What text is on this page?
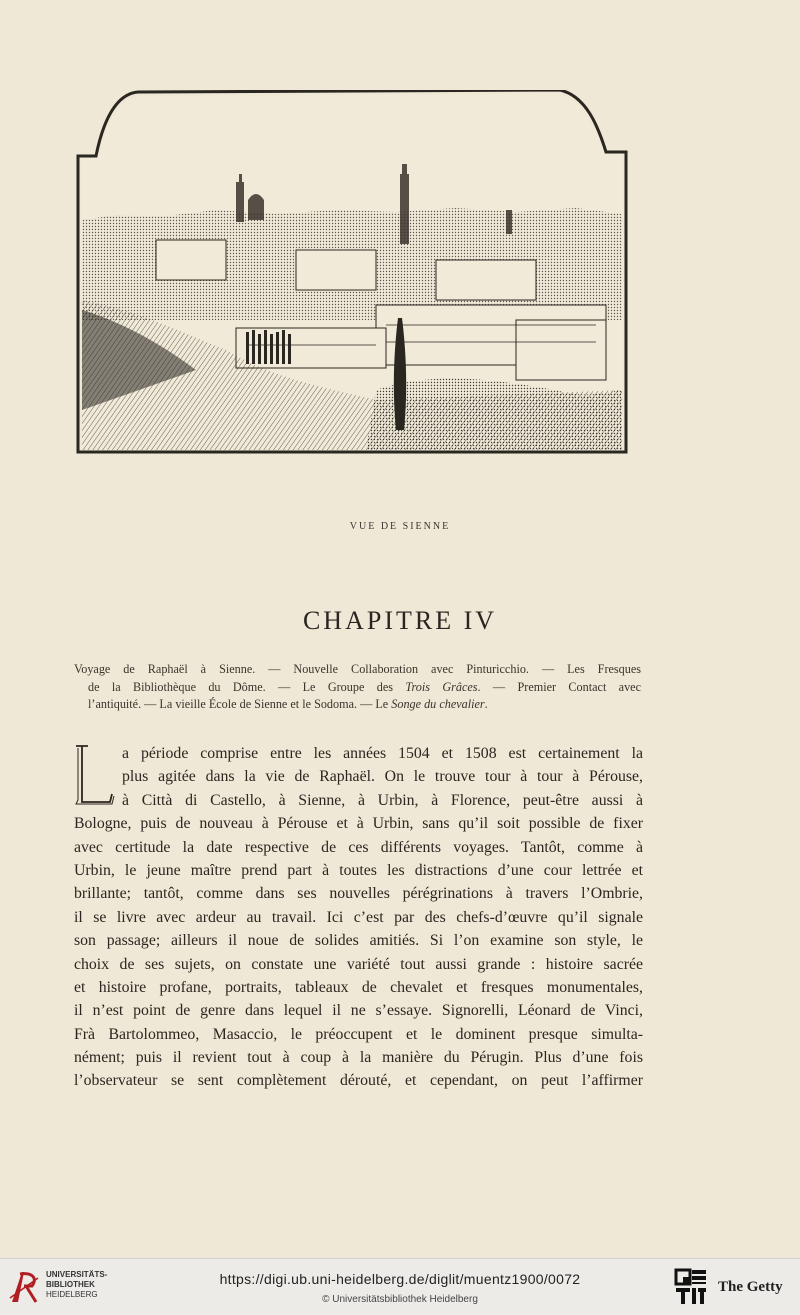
VUE DE SIENNE
CHAPITRE IV
Voyage de Raphaël à Sienne. — Nouvelle Collaboration avec Pinturicchio. — Les Fresques
de la Bibliothèque du Dôme. — Le Groupe des Trois Grâces. — Premier Contact avec
l’antiquité. — La vieille École de Sienne et le Sodoma. — Le Songe du chevalier.
L
a période comprise entre les années 1504 et 1508 est certainement la
plus agitée dans la vie de Raphaël. On le trouve tour à tour à Pérouse,
à Città di Castello, à Sienne, à Urbin, à Florence, peut-être aussi à
Bologne, puis de nouveau à Pérouse et à Urbin, sans qu’il soit possible de fixer
avec certitude la date respective de ces différents voyages. Tantôt, comme à
Urbin, le jeune maître prend part à toutes les distractions d’une cour lettrée et
brillante; tantôt, comme dans ses nouvelles pérégrinations à travers l’Ombrie,
il se livre avec ardeur au travail. Ici c’est par des chefs-d’œuvre qu’il signale
son passage; ailleurs il noue de solides amitiés. Si l’on examine son style, le
choix de ses sujets, on constate une variété tout aussi grande : histoire sacrée
et histoire profane, portraits, tableaux de chevalet et fresques monumentales,
il n’est point de genre dans lequel il ne s’essaye. Signorelli, Léonard de Vinci,
Frà Bartolommeo, Masaccio, le préoccupent et le dominent presque simulta-
nément; puis il revient tout à coup à la manière du Pérugin. Plus d’une fois
l’observateur se sent complètement dérouté, et cependant, on peut l’affirmer
UNIVERSITÄTS-
BIBLIOTHEK
HEIDELBERG
https://digi.ub.uni-heidelberg.de/diglit/muentz1900/0072
© Universitätsbibliothek Heidelberg
The Getty
